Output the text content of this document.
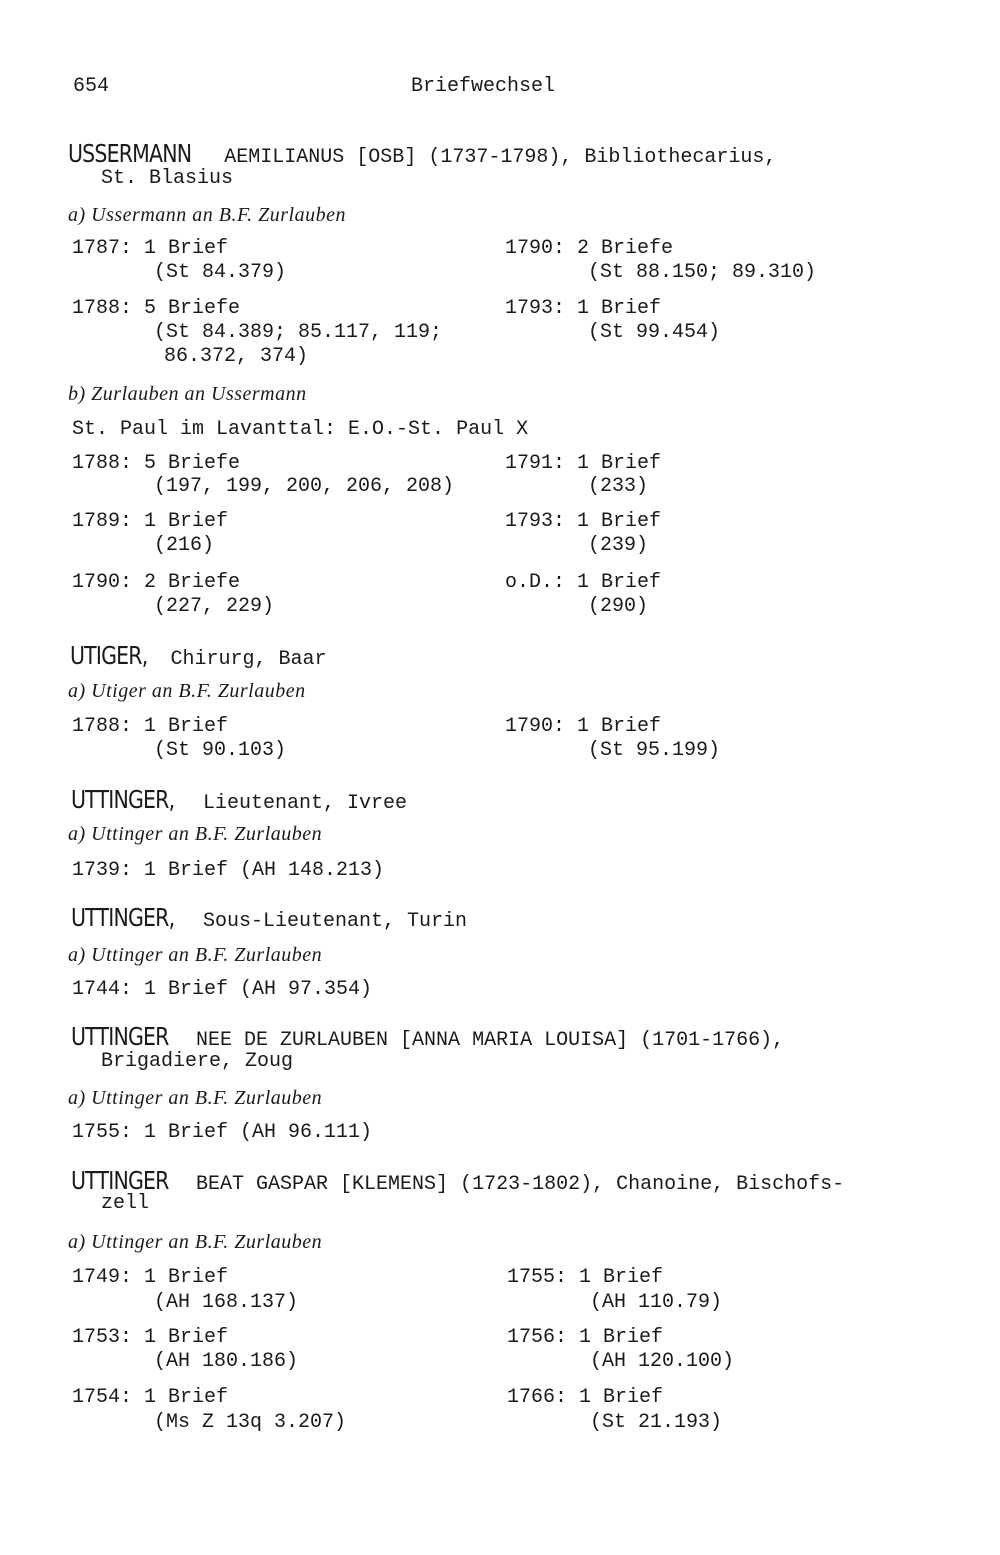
654	Briefwechsel
USSERMANN AEMILIANUS [OSB] (1737-1798), Bibliothecarius,
St. Blasius
a) Ussermann an B.F. Zurlauben
1787: 1 Brief
(St 84.379)
1788: 5 Briefe
(St 84.389; 85.117, 119;
86.372, 374)
1790: 2 Briefe
(St 88.150; 89.310)
1793: 1 Brief
(St 99.454)
b) Zurlauben an Ussermann
St. Paul im Lavanttal: E.O.-St. Paul X
1788: 5 Briefe
(197, 199, 200, 206, 208)
1789: 1 Brief
(216)
1790: 2 Briefe
(227, 229)
1791: 1 Brief
(233)
1793: 1 Brief
(239)
o.D.: 1 Brief
(290)
UTIGER, Chirurg, Baar
a) Utiger an B.F. Zurlauben
1788: 1 Brief
(St 90.103)
1790: 1 Brief
(St 95.199)
UTTINGER, Lieutenant, Ivree
a) Uttinger an B.F. Zurlauben
1739: 1 Brief (AH 148.213)
UTTINGER, Sous-Lieutenant, Turin
a) Uttinger an B.F. Zurlauben
1744: 1 Brief (AH 97.354)
UTTINGER NEE DE ZURLAUBEN [ANNA MARIA LOUISA] (1701-1766),
Brigadiere, Zoug
a) Uttinger an B.F. Zurlauben
1755: 1 Brief (AH 96.111)
UTTINGER BEAT GASPAR [KLEMENS] (1723-1802), Chanoine, Bischofs-
zell
a) Uttinger an B.F. Zurlauben
1749: 1 Brief
(AH 168.137)
1753: 1 Brief
(AH 180.186)
1754: 1 Brief
(Ms Z 13q 3.207)
1755: 1 Brief
(AH 110.79)
1756: 1 Brief
(AH 120.100)
1766: 1 Brief
(St 21.193)
